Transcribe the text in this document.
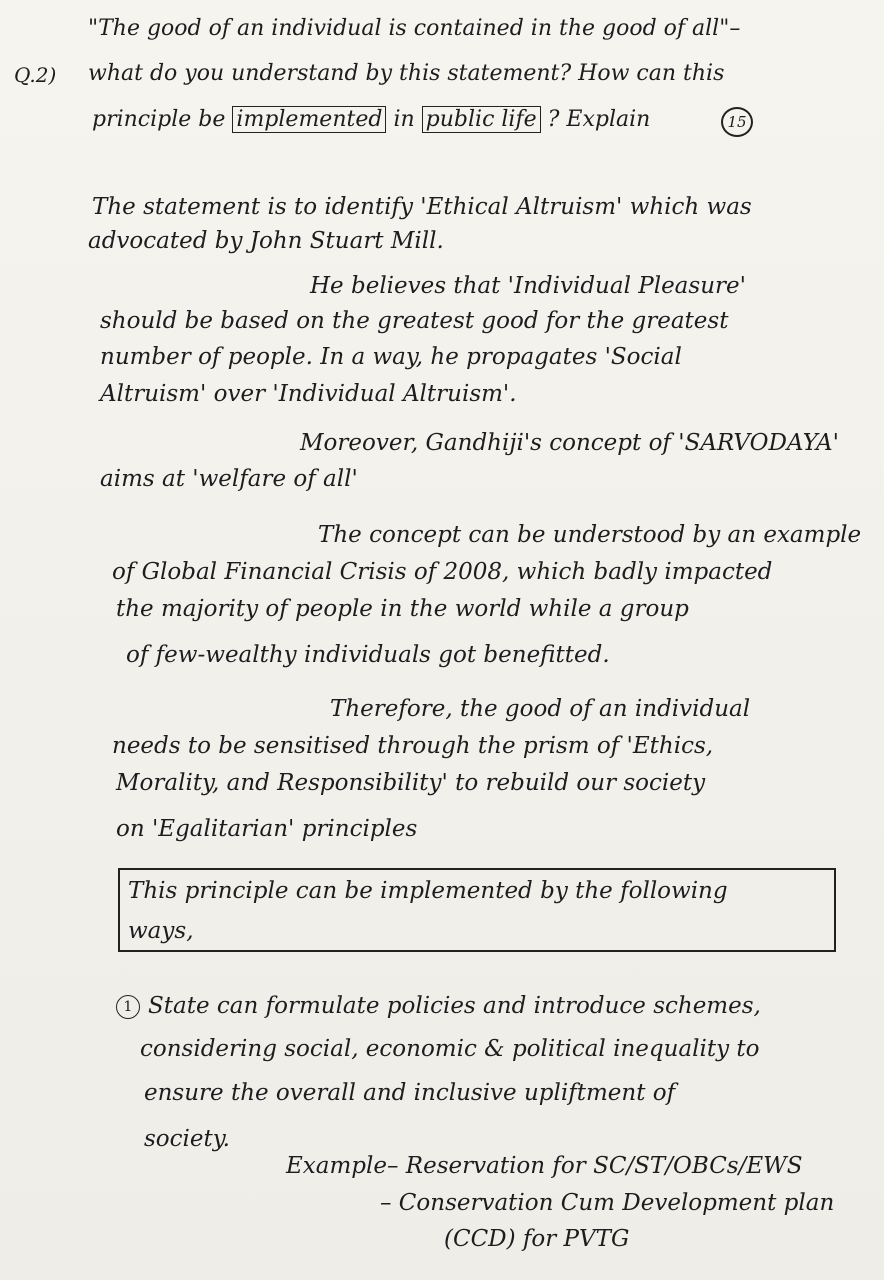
Q.2)
"The good of an individual is contained in the good of all"–
what do you understand by this statement? How can this
principle be implemented in public life ? Explain	15
The statement is to identify 'Ethical Altruism' which was
advocated by John Stuart Mill.
He believes that 'Individual Pleasure'
should be based on the greatest good for the greatest
number of people. In a way, he propagates 'Social
Altruism' over 'Individual Altruism'.
Moreover, Gandhiji's concept of 'SARVODAYA'
aims at 'welfare of all'
The concept can be understood by an example
of Global Financial Crisis of 2008, which badly impacted
the majority of people in the world while a group
of few-wealthy individuals got benefitted.
Therefore, the good of an individual
needs to be sensitised through the prism of 'Ethics,
Morality, and Responsibility' to rebuild our society
on 'Egalitarian' principles
This principle can be implemented by the following
ways,
1 State can formulate policies and introduce schemes,
considering social, economic & political inequality to
ensure the overall and inclusive upliftment of
society.
Example– Reservation for SC/ST/OBCs/EWS
– Conservation Cum Development plan
(CCD) for PVTG
